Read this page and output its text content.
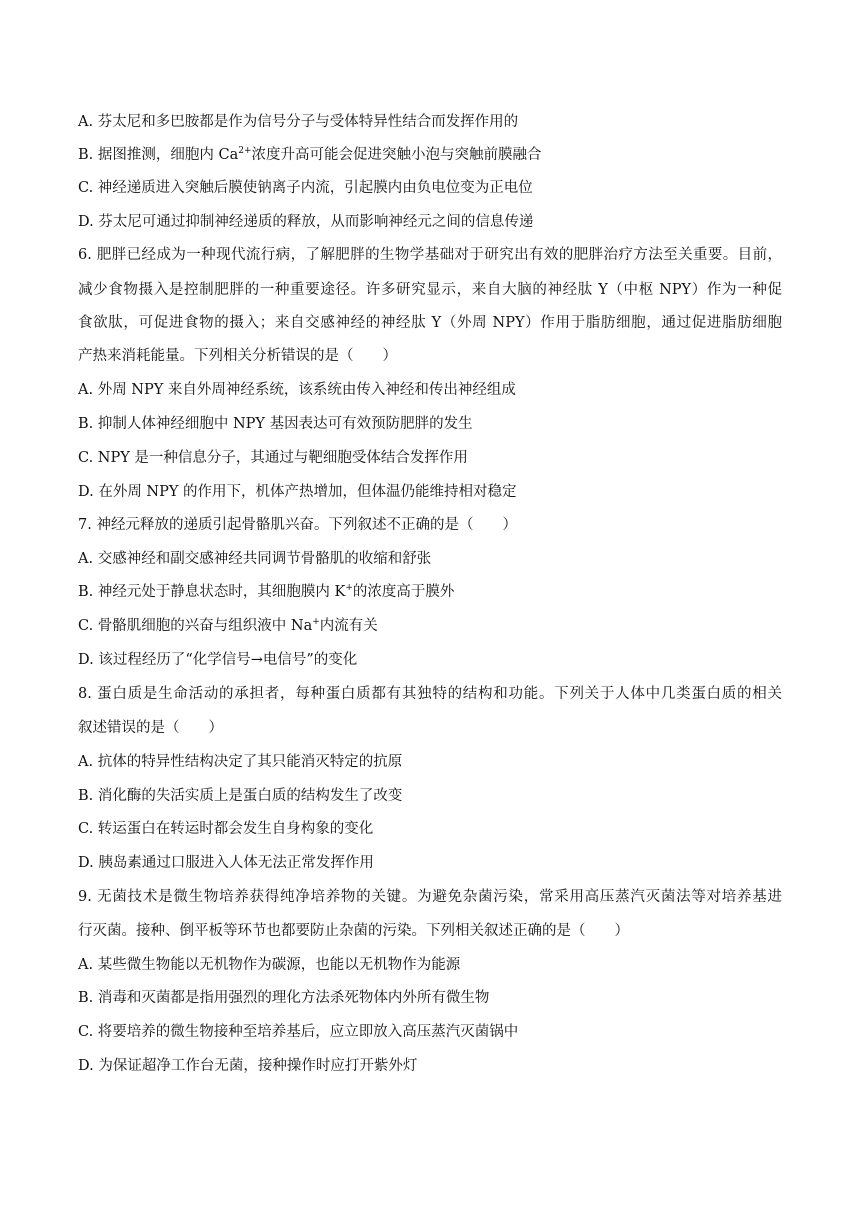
A. 芬太尼和多巴胺都是作为信号分子与受体特异性结合而发挥作用的
B. 据图推测，细胞内 $Ca^{2+}$浓度升高可能会促进突触小泡与突触前膜融合
C. 神经递质进入突触后膜使钠离子内流，引起膜内由负电位变为正电位
D. 芬太尼可通过抑制神经递质的释放，从而影响神经元之间的信息传递
6. 肥胖已经成为一种现代流行病，了解肥胖的生物学基础对于研究出有效的肥胖治疗方法至关重要。目前，
减少食物摄入是控制肥胖的一种重要途径。许多研究显示，来自大脑的神经肽 Y（中枢 NPY）作为一种促
食欲肽，可促进食物的摄入；来自交感神经的神经肽 Y（外周 NPY）作用于脂肪细胞，通过促进脂肪细胞
产热来消耗能量。下列相关分析错误的是（　　）
A. 外周 NPY 来自外周神经系统，该系统由传入神经和传出神经组成
B. 抑制人体神经细胞中 NPY 基因表达可有效预防肥胖的发生
C. NPY 是一种信息分子，其通过与靶细胞受体结合发挥作用
D. 在外周 NPY 的作用下，机体产热增加，但体温仍能维持相对稳定
7. 神经元释放的递质引起骨骼肌兴奋。下列叙述不正确的是（　　）
A. 交感神经和副交感神经共同调节骨骼肌的收缩和舒张
B. 神经元处于静息状态时，其细胞膜内 K+的浓度高于膜外
C. 骨骼肌细胞的兴奋与组织液中 Na+内流有关
D. 该过程经历了“化学信号→电信号”的变化
8. 蛋白质是生命活动的承担者，每种蛋白质都有其独特的结构和功能。下列关于人体中几类蛋白质的相关
叙述错误的是（　　）
A. 抗体的特异性结构决定了其只能消灭特定的抗原
B. 消化酶的失活实质上是蛋白质的结构发生了改变
C. 转运蛋白在转运时都会发生自身构象的变化
D. 胰岛素通过口服进入人体无法正常发挥作用
9. 无菌技术是微生物培养获得纯净培养物的关键。为避免杂菌污染，常采用高压蒸汽灭菌法等对培养基进
行灭菌。接种、倒平板等环节也都要防止杂菌的污染。下列相关叙述正确的是（　　）
A. 某些微生物能以无机物作为碳源，也能以无机物作为能源
B. 消毒和灭菌都是指用强烈的理化方法杀死物体内外所有微生物
C. 将要培养的微生物接种至培养基后，应立即放入高压蒸汽灭菌锅中
D. 为保证超净工作台无菌，接种操作时应打开紫外灯
